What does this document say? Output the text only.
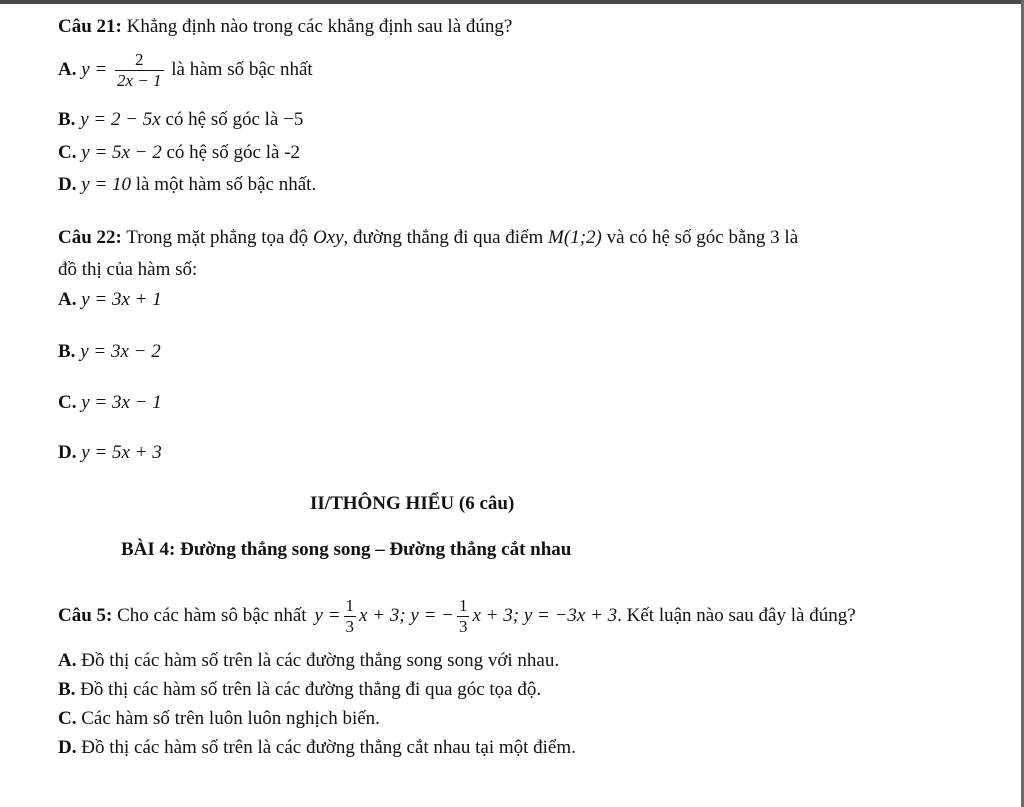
Câu 21: Khẳng định nào trong các khẳng định sau là đúng?
A. $y = \frac{2}{2x - 1}$ là hàm số bậc nhất
B. y = 2 − 5x có hệ số góc là −5
C. y = 5x − 2 có hệ số góc là -2
D. y = 10 là một hàm số bậc nhất.
Câu 22: Trong mặt phẳng tọa độ Oxy, đường thẳng đi qua điểm M(1;2) và có hệ số góc bằng 3 là
đồ thị của hàm số:
A. y = 3x + 1
B. y = 3x − 2
C. y = 3x − 1
D. y = 5x + 3
II/THÔNG HIỂU (6 câu)
BÀI 4: Đường thẳng song song – Đường thẳng cắt nhau
Câu 5: Cho các hàm sô bậc nhất $y = \frac{1}{3}$ x + 3; y = − $\frac{1}{3}$ x + 3; y = −3x + 3. Kết luận nào sau đây là đúng?
A. Đồ thị các hàm số trên là các đường thẳng song song với nhau.
B. Đồ thị các hàm số trên là các đường thẳng đi qua góc tọa độ.
C. Các hàm số trên luôn luôn nghịch biến.
D. Đồ thị các hàm số trên là các đường thẳng cắt nhau tại một điểm.
